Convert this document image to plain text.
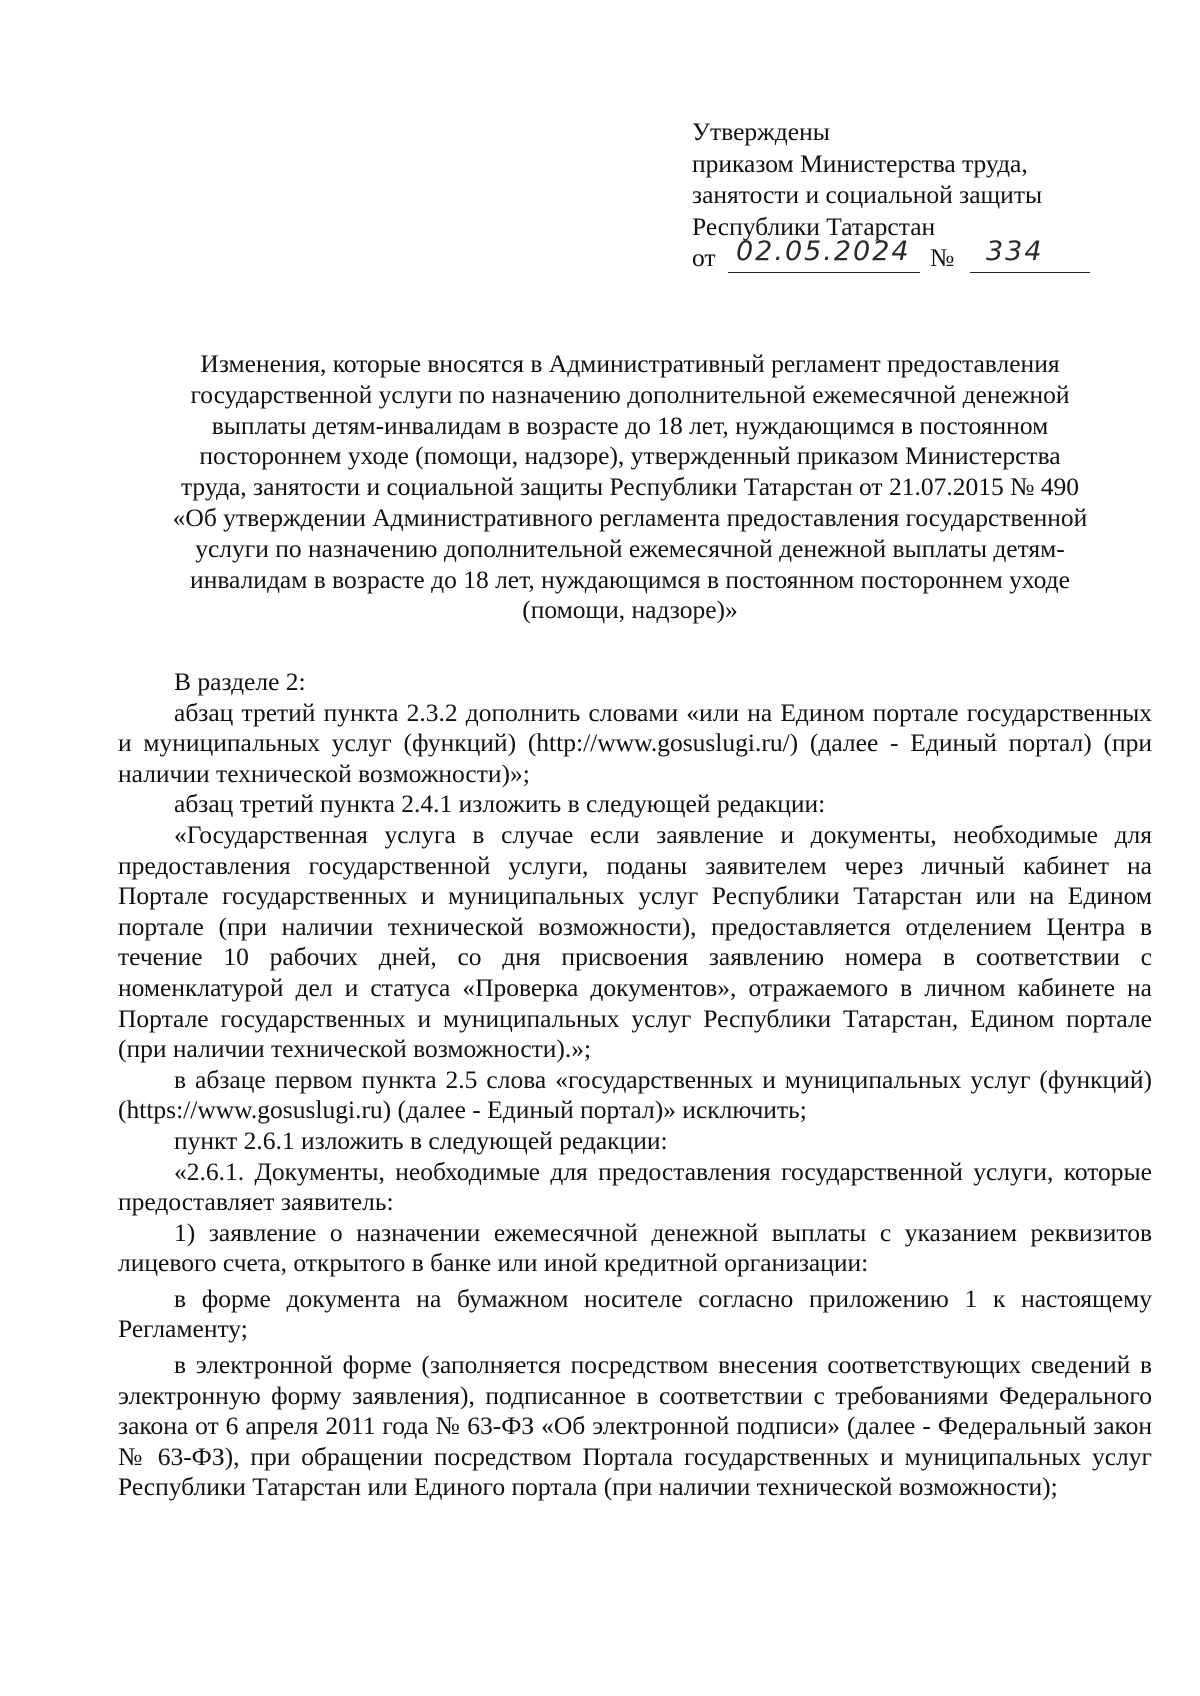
Утверждены
приказом Министерства труда,
занятости и социальной защиты
Республики Татарстан
от 02.05.2024 № 334
Изменения, которые вносятся в Административный регламент предоставления
государственной услуги по назначению дополнительной ежемесячной денежной
выплаты детям-инвалидам в возрасте до 18 лет, нуждающимся в постоянном
постороннем уходе (помощи, надзоре), утвержденный приказом Министерства
труда, занятости и социальной защиты Республики Татарстан от 21.07.2015 № 490
«Об утверждении Административного регламента предоставления государственной
услуги по назначению дополнительной ежемесячной денежной выплаты детям-
инвалидам в возрасте до 18 лет, нуждающимся в постоянном постороннем уходе
(помощи, надзоре)»

В разделе 2:

абзац третий пункта 2.3.2 дополнить словами «или на Едином портале государственных и муниципальных услуг (функций) (http://www.gosuslugi.ru/) (далее - Единый портал) (при наличии технической возможности)»;

абзац третий пункта 2.4.1 изложить в следующей редакции:

«Государственная услуга в случае если заявление и документы, необходимые для предоставления государственной услуги, поданы заявителем через личный кабинет на Портале государственных и муниципальных услуг Республики Татарстан или на Едином портале (при наличии технической возможности), предоставляется отделением Центра в течение 10 рабочих дней, со дня присвоения заявлению номера в соответствии с номенклатурой дел и статуса «Проверка документов», отражаемого в личном кабинете на Портале государственных и муниципальных услуг Республики Татарстан, Едином портале (при наличии технической возможности).»;

в абзаце первом пункта 2.5 слова «государственных и муниципальных услуг (функций) (https://www.gosuslugi.ru) (далее - Единый портал)» исключить;

пункт 2.6.1 изложить в следующей редакции:

«2.6.1. Документы, необходимые для предоставления государственной услуги, которые предоставляет заявитель:

1) заявление о назначении ежемесячной денежной выплаты с указанием реквизитов лицевого счета, открытого в банке или иной кредитной организации:

в форме документа на бумажном носителе согласно приложению 1 к настоящему Регламенту;

в электронной форме (заполняется посредством внесения соответствующих сведений в электронную форму заявления), подписанное в соответствии с требованиями Федерального закона от 6 апреля 2011 года № 63-ФЗ «Об электронной подписи» (далее - Федеральный закон № 63-ФЗ), при обращении посредством Портала государственных и муниципальных услуг Республики Татарстан или Единого портала (при наличии технической возможности);
